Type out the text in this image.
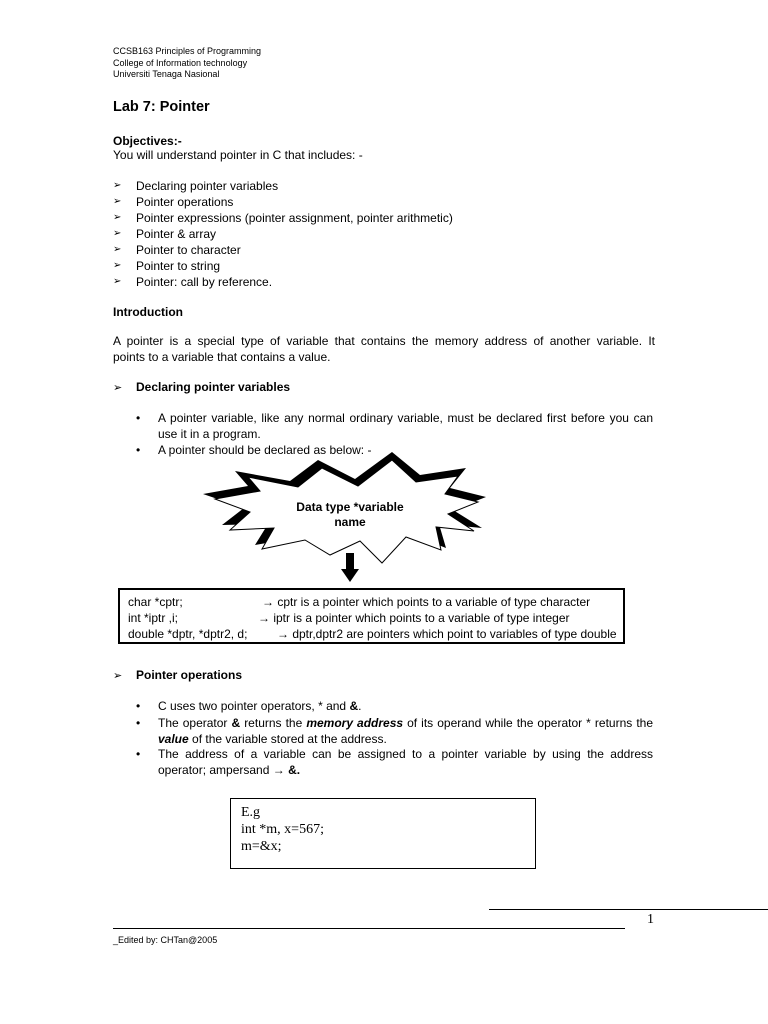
CCSB163 Principles of Programming
College of Information technology
Universiti Tenaga Nasional
Lab 7: Pointer
Objectives:-
You will understand pointer in C that includes: -
➢ Declaring pointer variables
➢ Pointer operations
➢ Pointer expressions (pointer assignment, pointer arithmetic)
➢ Pointer & array
➢ Pointer to character
➢ Pointer to string
➢ Pointer: call by reference.
Introduction
A pointer is a special type of variable that contains the memory address of another variable. It
points to a variable that contains a value.
➢ Declaring pointer variables
• A pointer variable, like any normal ordinary variable, must be declared first before you can use it in a program.
• A pointer should be declared as below: -
Data type *variable
name
char *cptr;	→ cptr is a pointer which points to a variable of type character
int *iptr ,i;	→ iptr is a pointer which points to a variable of type integer
double *dptr, *dptr2, d; → dptr,dptr2 are pointers which point to variables of type double
➢ Pointer operations
• C uses two pointer operators, * and &.
• The operator & returns the memory address of its operand while the operator * returns the value of the variable stored at the address.
• The address of a variable can be assigned to a pointer variable by using the address
operator; ampersand → &.
E.g
int *m, x=567;
m=&x;
1
_Edited by: CHTan@2005
